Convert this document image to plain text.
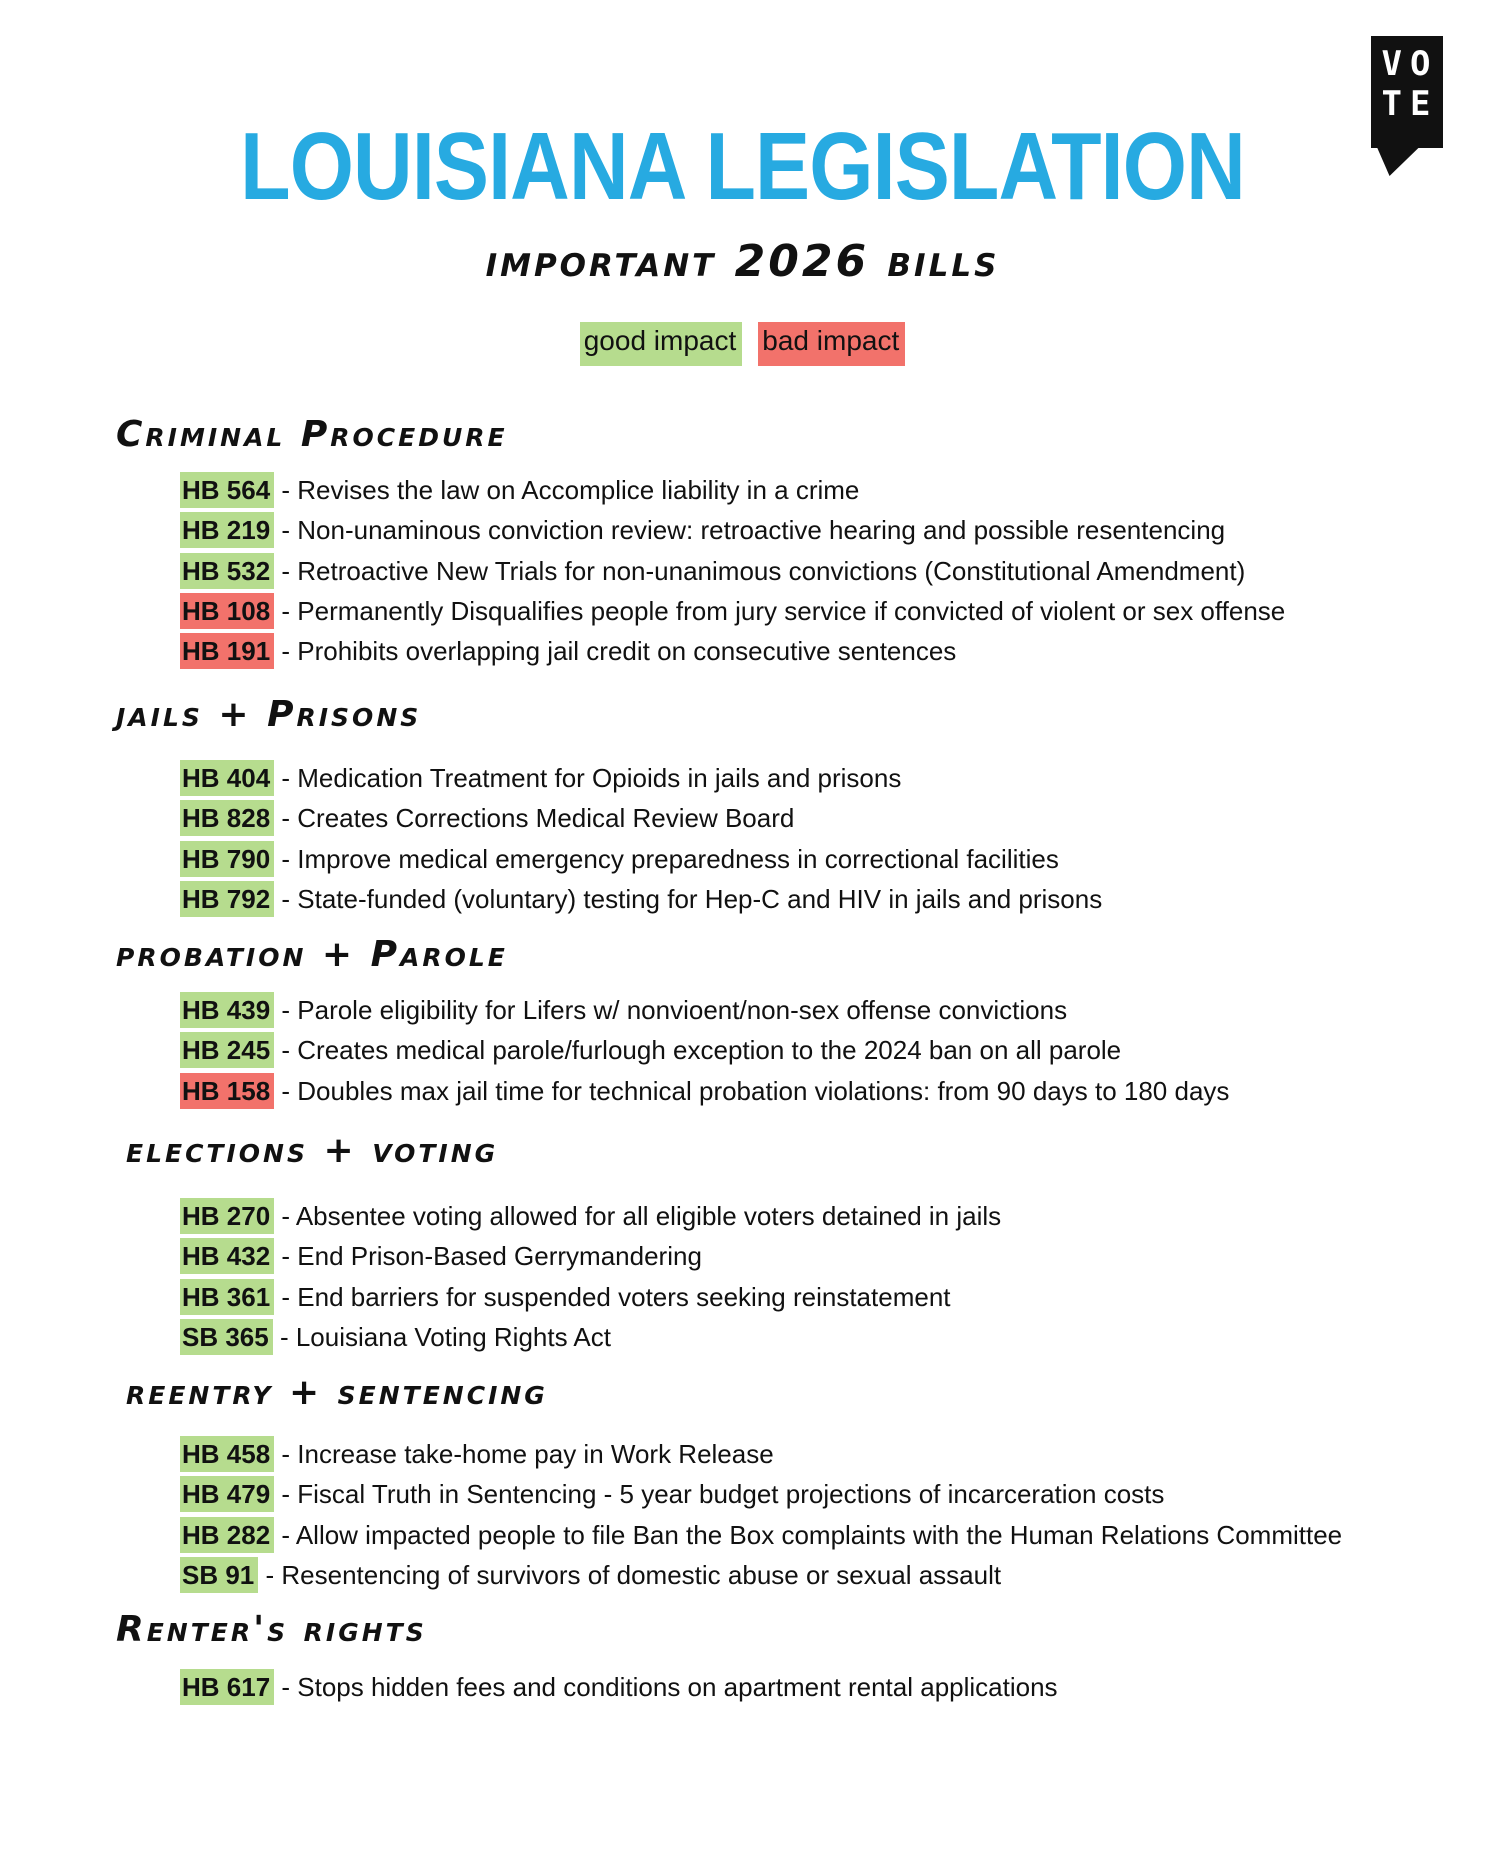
VO
TE
LOUISIANA LEGISLATION
important 2026 bills
good impact bad impact
Criminal Procedure
HB 564 - Revises the law on Accomplice liability in a crime
HB 219 - Non-unaminous conviction review: retroactive hearing and possible resentencing
HB 532 - Retroactive New Trials for non-unanimous convictions (Constitutional Amendment)
HB 108 - Permanently Disqualifies people from jury service if convicted of violent or sex offense
HB 191 - Prohibits overlapping jail credit on consecutive sentences
jails + Prisons
HB 404 - Medication Treatment for Opioids in jails and prisons
HB 828 - Creates Corrections Medical Review Board
HB 790 - Improve medical emergency preparedness in correctional facilities
HB 792 - State-funded (voluntary) testing for Hep-C and HIV in jails and prisons
probation + Parole
HB 439 - Parole eligibility for Lifers w/ nonvioent/non-sex offense convictions
HB 245 - Creates medical parole/furlough exception to the 2024 ban on all parole
HB 158 - Doubles max jail time for technical probation violations: from 90 days to 180 days
elections + voting
HB 270 - Absentee voting allowed for all eligible voters detained in jails
HB 432 - End Prison-Based Gerrymandering
HB 361 - End barriers for suspended voters seeking reinstatement
SB 365 - Louisiana Voting Rights Act
reentry + sentencing
HB 458 - Increase take-home pay in Work Release
HB 479 - Fiscal Truth in Sentencing - 5 year budget projections of incarceration costs
HB 282 - Allow impacted people to file Ban the Box complaints with the Human Relations Committee
SB 91 - Resentencing of survivors of domestic abuse or sexual assault
Renter's rights
HB 617 - Stops hidden fees and conditions on apartment rental applications
